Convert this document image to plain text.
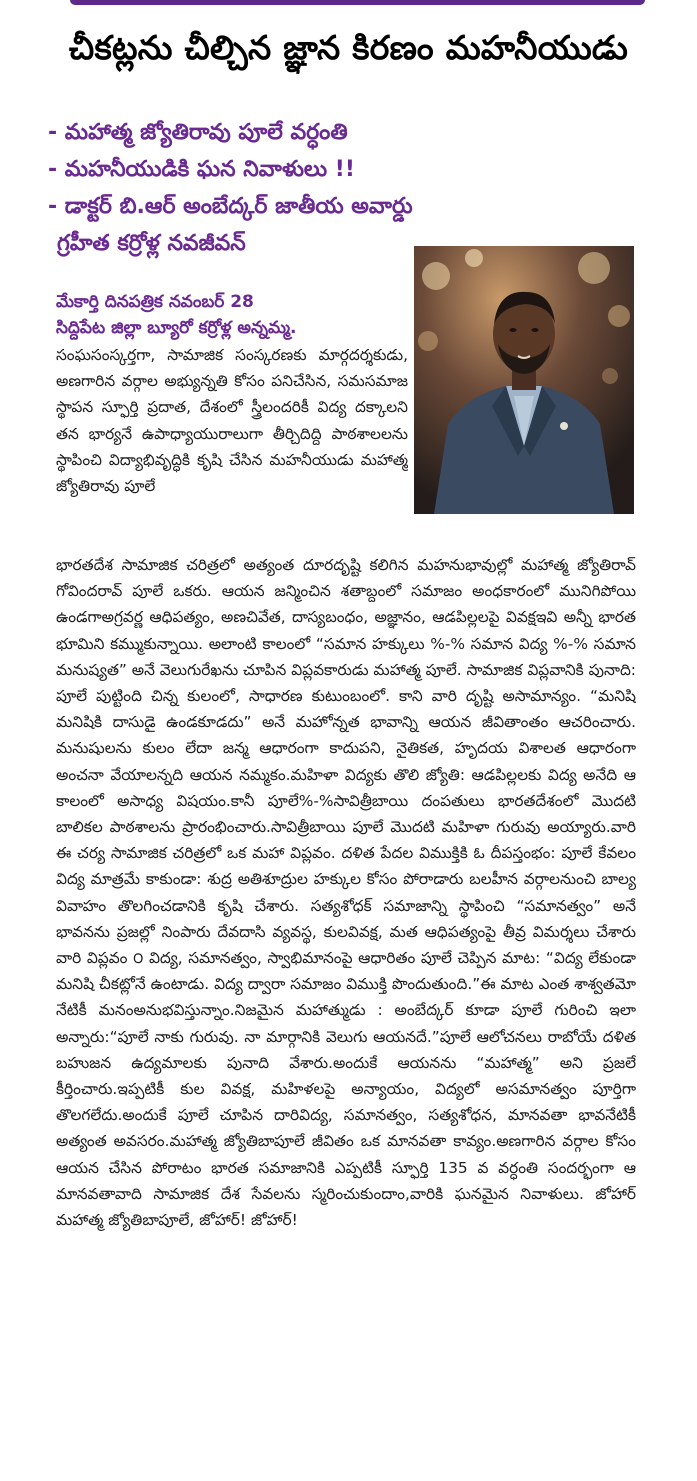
చీకట్లను చీల్చిన జ్ఞాన కిరణం మహనీయుడు
- మహాత్మ జ్యోతిరావు పూలే వర్ధంతి
- మహనీయుడికి ఘన నివాళులు !!
- డాక్టర్ బి.ఆర్ అంబేద్కర్ జాతీయ అవార్డు
గ్రహీత కర్రోళ్ల నవజీవన్
మేకార్తి దినపత్రిక నవంబర్ 28
సిద్దిపేట జిల్లా బ్యూరో కర్రోళ్ల అన్నమ్మ.

సంఘసంస్కర్తగా, సామాజిక సంస్కరణకు మార్గదర్శకుడు, అణగారిన వర్గాల అభ్యున్నతి కోసం పనిచేసిన, సమసమాజ స్థాపన స్ఫూర్తి ప్రదాత, దేశంలో స్త్రీలందరికీ విద్య దక్కాలని తన భార్యనే ఉపాధ్యాయురాలుగా తీర్చిదిద్ది పాఠశాలలను స్థాపించి విద్యాభివృద్ధికి కృషి చేసిన మహనీయుడు మహాత్మ జ్యోతిరావు పూలే

భారతదేశ సామాజిక చరిత్రలో అత్యంత దూరదృష్టి కలిగిన మహనుభావుల్లో మహాత్మ జ్యోతిరావ్ గోవిందరావ్ పూలే ఒకరు. ఆయన జన్మించిన శతాబ్దంలో సమాజం అంధకారంలో మునిగిపోయి ఉండగాఅగ్రవర్ణ ఆధిపత్యం, అణచివేత, దాస్యబంధం, అజ్ఞానం, ఆడపిల్లలపై వివక్షఇవి అన్నీ భారత భూమిని కమ్ముకున్నాయి. అలాంటి కాలంలో “సమాన హక్కులు %-% సమాన విద్య %-% సమాన మనుష్యత” అనే వెలుగురేఖను చూపిన విప్లవకారుడు మహాత్మ పూలే. సామాజిక విప్లవానికి పునాది: పూలే పుట్టింది చిన్న కులంలో, సాధారణ కుటుంబంలో. కాని వారి దృష్టి అసామాన్యం. “మనిషి మనిషికి దాసుడై ఉండకూడదు” అనే మహోన్నత భావాన్ని ఆయన జీవితాంతం ఆచరించారు. మనుషులను కులం లేదా జన్మ ఆధారంగా కాదుపని, నైతికత, హృదయ విశాలత ఆధారంగా అంచనా వేయాలన్నది ఆయన నమ్మకం.మహిళా విద్యకు తొలి జ్యోతి: ఆడపిల్లలకు విద్య అనేది ఆ కాలంలో అసాధ్య విషయం.కానీ పూలే%-%సావిత్రీబాయి దంపతులు భారతదేశంలో మొదటి బాలికల పాఠశాలను ప్రారంభించారు.సావిత్రీబాయి పూలే మొదటి మహిళా గురువు అయ్యారు.వారి ఈ చర్య సామాజిక చరిత్రలో ఒక మహా విప్లవం. దళిత పేదల విముక్తికి ఓ దీపస్తంభం: పూలే కేవలం విద్య మాత్రమే కాకుండా: శుద్ర అతిశూద్రుల హక్కుల కోసం పోరాడారు బలహీన వర్గాలనుంచి బాల్య వివాహం తొలగించడానికి కృషి చేశారు. సత్యశోధక్ సమాజాన్ని స్థాపించి “సమానత్వం” అనే భావనను ప్రజల్లో నింపారు దేవదాసి వ్యవస్థ, కులవివక్ష, మత ఆధిపత్యంపై తీవ్ర విమర్శలు చేశారు వారి విప్లవం ౦ విద్య, సమానత్వం, స్వాభిమానంపై ఆధారితం పూలే చెప్పిన మాట: “విద్య లేకుండా మనిషి చీకట్లోనే ఉంటాడు. విద్య ద్వారా సమాజం విముక్తి పొందుతుంది.”ఈ మాట ఎంత శాశ్వతమో నేటికీ మనంఅనుభవిస్తున్నాం.నిజమైన మహాత్ముడు : అంబేద్కర్ కూడా పూలే గురించి ఇలా అన్నారు:“పూలే నాకు గురువు. నా మార్గానికి వెలుగు ఆయనదే.”పూలే ఆలోచనలు రాబోయే దళిత బహుజన ఉద్యమాలకు పునాది వేశారు.అందుకే ఆయనను “మహాత్మ” అని ప్రజలే కీర్తించారు.ఇప్పటికీ కుల వివక్ష, మహిళలపై అన్యాయం, విద్యలో అసమానత్వం పూర్తిగా తొలగలేదు.అందుకే పూలే చూపిన దారివిద్య, సమానత్వం, సత్యశోధన, మానవతా భావనేటికీ అత్యంత అవసరం.మహాత్మ జ్యోతిబాపూలే జీవితం ఒక మానవతా కావ్యం.అణగారిన వర్గాల కోసం ఆయన చేసిన పోరాటం భారత సమాజానికి ఎప్పటికీ స్ఫూర్తి 135 వ వర్ధంతి సందర్భంగా ఆ మానవతావాది సామాజిక దేశ సేవలను స్మరించుకుందాం,వారికి ఘనమైన నివాళులు. జోహార్ మహాత్మ జ్యోతిబాపూలే, జోహార్! జోహార్!
